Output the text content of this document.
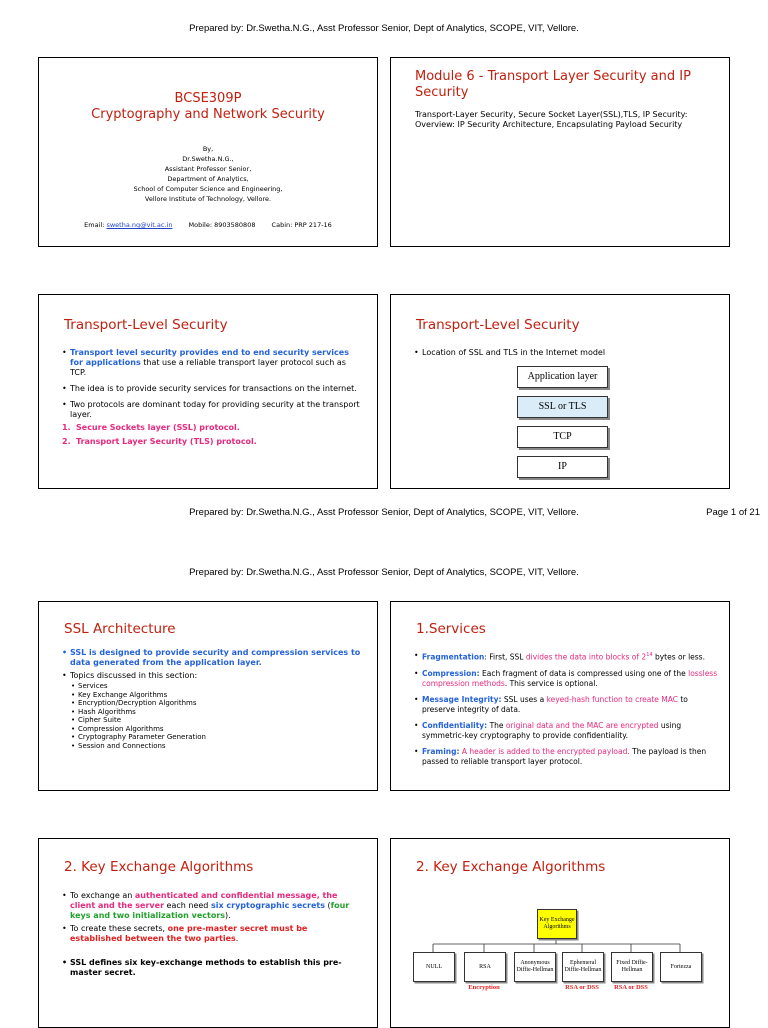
Prepared by: Dr.Swetha.N.G., Asst Professor Senior, Dept of Analytics, SCOPE, VIT, Vellore.
Prepared by: Dr.Swetha.N.G., Asst Professor Senior, Dept of Analytics, SCOPE, VIT, Vellore.	Page 1 of 21
Prepared by: Dr.Swetha.N.G., Asst Professor Senior, Dept of Analytics, SCOPE, VIT, Vellore.
BCSE309P
Cryptography and Network Security
By,
Dr.Swetha.N.G.,
Assistant Professor Senior,
Department of Analytics,
School of Computer Science and Engineering,
Vellore Institute of Technology, Vellore.
Email: swetha.ng@vit.ac.in Mobile: 8903580808 Cabin: PRP 217-16
Module 6 - Transport Layer Security and IP Security
Transport-Layer Security, Secure Socket Layer(SSL),TLS, IP Security: Overview: IP Security Architecture, Encapsulating Payload Security
Transport-Level Security
• Transport level security provides end to end security services for applications that use a reliable transport layer protocol such as TCP.
• The idea is to provide security services for transactions on the internet.
• Two protocols are dominant today for providing security at the transport layer.
1. Secure Sockets layer (SSL) protocol.
2. Transport Layer Security (TLS) protocol.
Transport-Level Security
• Location of SSL and TLS in the Internet model
Application layer
SSL or TLS
TCP
IP
SSL Architecture
• SSL is designed to provide security and compression services to data generated from the application layer.
• Topics discussed in this section:
• Services
• Key Exchange Algorithms
• Encryption/Decryption Algorithms
• Hash Algorithms
• Cipher Suite
• Compression Algorithms
• Cryptography Parameter Generation
• Session and Connections
1.Services
• Fragmentation: First, SSL divides the data into blocks of $2^{14}$ bytes or less.
• Compression: Each fragment of data is compressed using one of the lossless compression methods. This service is optional.
• Message Integrity: SSL uses a keyed-hash function to create MAC to preserve integrity of data.
• Confidentiality: The original data and the MAC are encrypted using symmetric-key cryptography to provide confidentiality.
• Framing: A header is added to the encrypted payload. The payload is then passed to reliable transport layer protocol.
2. Key Exchange Algorithms
• To exchange an authenticated and confidential message, the client and the server each need six cryptographic secrets (four keys and two initialization vectors).
• To create these secrets, one pre-master secret must be established between the two parties.
• SSL defines six key-exchange methods to establish this pre-master secret.
2. Key Exchange Algorithms
Key Exchange Algorithms
NULL	RSA
Anonymous Diffie-Hellman
Ephemeral Diffie-Hellman
Fixed Diffie-Hellman
Fortezza
Encryption	RSA or DSS	RSA or DSS
